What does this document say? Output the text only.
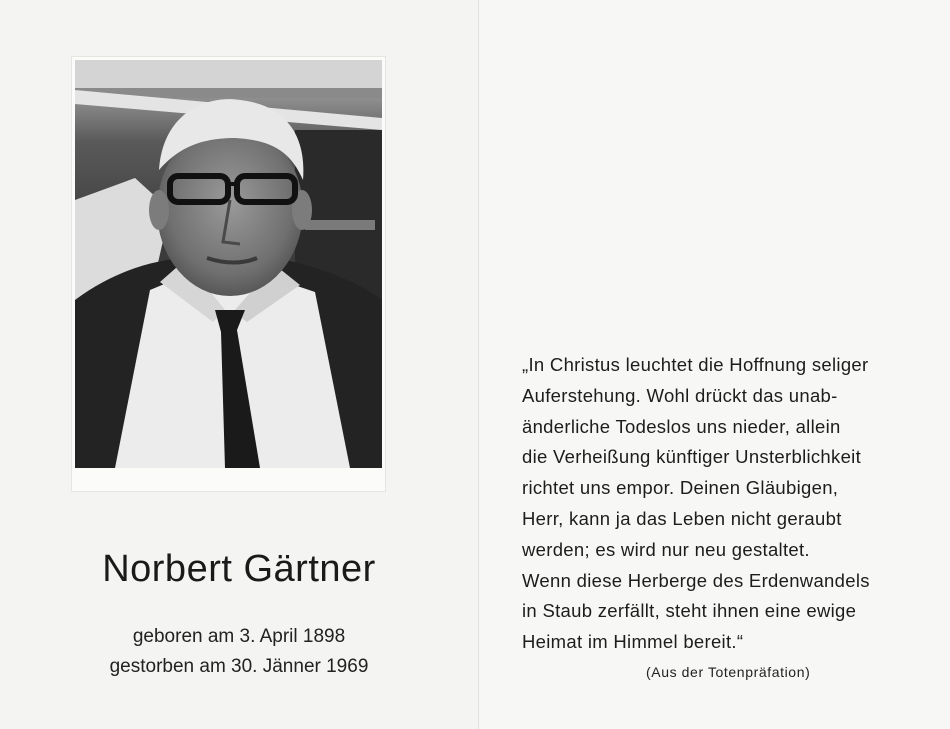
Norbert Gärtner
geboren am 3. April 1898
gestorben am 30. Jänner 1969
„In Christus leuchtet die Hoffnung seliger
Auferstehung. Wohl drückt das unab-
änderliche Todeslos uns nieder, allein
die Verheißung künftiger Unsterblichkeit
richtet uns empor. Deinen Gläubigen,
Herr, kann ja das Leben nicht geraubt
werden; es wird nur neu gestaltet.
Wenn diese Herberge des Erdenwandels
in Staub zerfällt, steht ihnen eine ewige
Heimat im Himmel bereit.“
(Aus der Totenpräfation)
